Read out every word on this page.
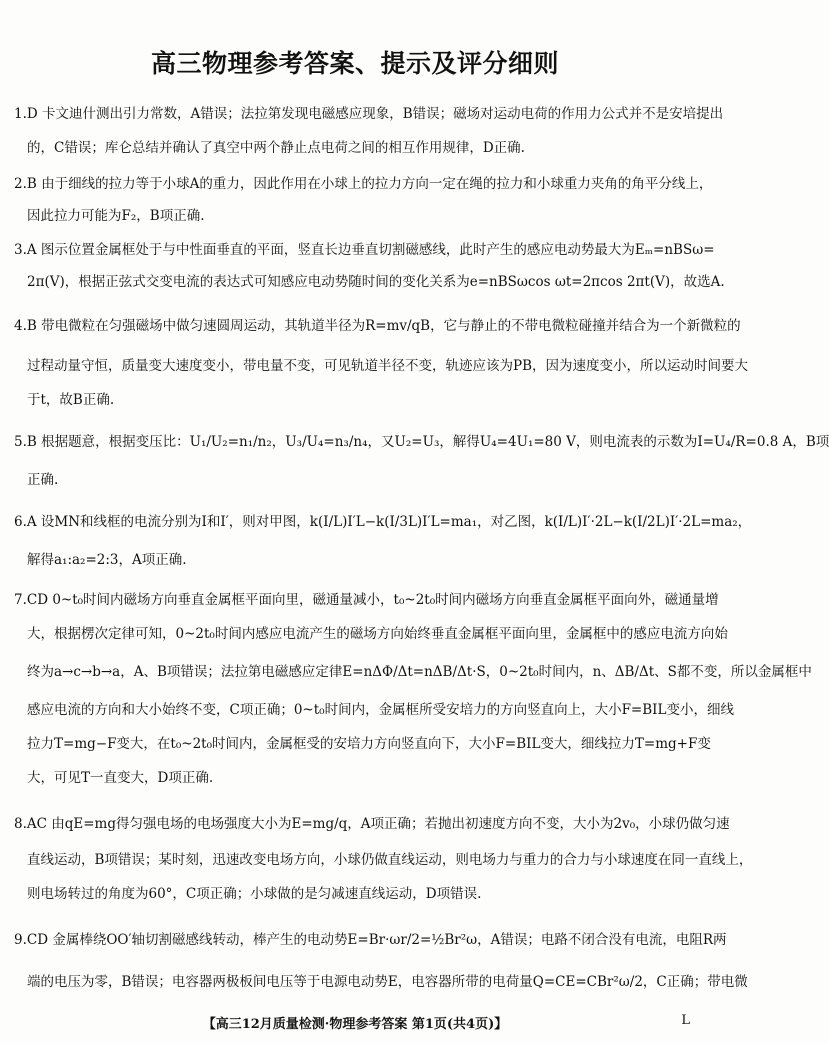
高三物理参考答案、提示及评分细则
1.D 卡文迪什测出引力常数，A错误；法拉第发现电磁感应现象，B错误；磁场对运动电荷的作用力公式并不是安培提出
的，C错误；库仑总结并确认了真空中两个静止点电荷之间的相互作用规律，D正确.
2.B 由于细线的拉力等于小球A的重力，因此作用在小球上的拉力方向一定在绳的拉力和小球重力夹角的角平分线上，
因此拉力可能为F₂，B项正确.
3.A 图示位置金属框处于与中性面垂直的平面，竖直长边垂直切割磁感线，此时产生的感应电动势最大为Eₘ=nBSω=
2π(V)，根据正弦式交变电流的表达式可知感应电动势随时间的变化关系为e=nBSωcos ωt=2πcos 2πt(V)，故选A.
4.B 带电微粒在匀强磁场中做匀速圆周运动，其轨道半径为R=mv/qB，它与静止的不带电微粒碰撞并结合为一个新微粒的
过程动量守恒，质量变大速度变小，带电量不变，可见轨道半径不变，轨迹应该为PB，因为速度变小，所以运动时间要大
于t，故B正确.
5.B 根据题意，根据变压比：U₁/U₂=n₁/n₂，U₃/U₄=n₃/n₄，又U₂=U₃，解得U₄=4U₁=80 V，则电流表的示数为I=U₄/R=0.8 A，B项
正确.
6.A 设MN和线框的电流分别为I和I′，则对甲图，k(I/L)I′L−k(I/3L)I′L=ma₁，对乙图，k(I/L)I′·2L−k(I/2L)I′·2L=ma₂，
解得a₁:a₂=2:3，A项正确.
7.CD 0~t₀时间内磁场方向垂直金属框平面向里，磁通量减小，t₀~2t₀时间内磁场方向垂直金属框平面向外，磁通量增
大，根据楞次定律可知，0~2t₀时间内感应电流产生的磁场方向始终垂直金属框平面向里，金属框中的感应电流方向始
终为a→c→b→a，A、B项错误；法拉第电磁感应定律E=nΔΦ/Δt=nΔB/Δt·S，0~2t₀时间内，n、ΔB/Δt、S都不变，所以金属框中
感应电流的方向和大小始终不变，C项正确；0~t₀时间内，金属框所受安培力的方向竖直向上，大小F=BIL变小，细线
拉力T=mg−F变大，在t₀~2t₀时间内，金属框受的安培力方向竖直向下，大小F=BIL变大，细线拉力T=mg+F变
大，可见T一直变大，D项正确.
8.AC 由qE=mg得匀强电场的电场强度大小为E=mg/q，A项正确；若抛出初速度方向不变，大小为2v₀，小球仍做匀速
直线运动，B项错误；某时刻，迅速改变电场方向，小球仍做直线运动，则电场力与重力的合力与小球速度在同一直线上，
则电场转过的角度为60°，C项正确；小球做的是匀减速直线运动，D项错误.
9.CD 金属棒绕OO′轴切割磁感线转动，棒产生的电动势E=Br·ωr/2=½Br²ω，A错误；电路不闭合没有电流，电阻R两
端的电压为零，B错误；电容器两极板间电压等于电源电动势E，电容器所带的电荷量Q=CE=CBr²ω/2，C正确；带电微
【高三12月质量检测·物理参考答案 第1页(共4页)】	L
